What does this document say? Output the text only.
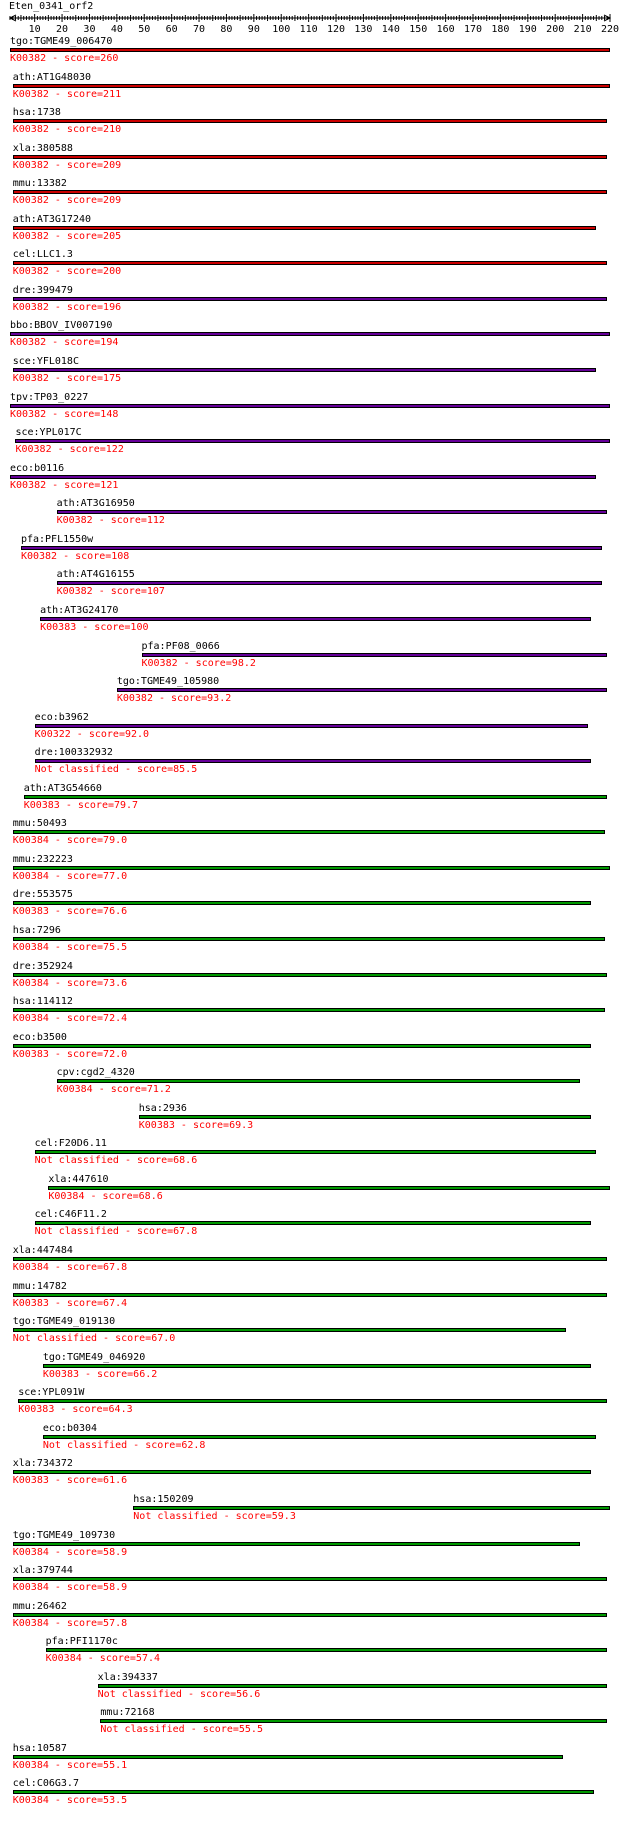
Eten_0341_orf2
10 20 30 40 50 60 70 80 90 100 110 120 130 140 150 160 170 180 190 200 210 220
tgo:TGME49_006470
K00382 - score=260
ath:AT1G48030
K00382 - score=211
hsa:1738
K00382 - score=210
xla:380588
K00382 - score=209
mmu:13382
K00382 - score=209
ath:AT3G17240
K00382 - score=205
cel:LLC1.3
K00382 - score=200
dre:399479
K00382 - score=196
bbo:BBOV_IV007190
K00382 - score=194
sce:YFL018C
K00382 - score=175
tpv:TP03_0227
K00382 - score=148
sce:YPL017C
K00382 - score=122
eco:b0116
K00382 - score=121
ath:AT3G16950
K00382 - score=112
pfa:PFL1550w
K00382 - score=108
ath:AT4G16155
K00382 - score=107
ath:AT3G24170
K00383 - score=100
pfa:PF08_0066
K00382 - score=98.2
tgo:TGME49_105980
K00382 - score=93.2
eco:b3962
K00322 - score=92.0
dre:100332932
Not classified - score=85.5
ath:AT3G54660
K00383 - score=79.7
mmu:50493
K00384 - score=79.0
mmu:232223
K00384 - score=77.0
dre:553575
K00383 - score=76.6
hsa:7296
K00384 - score=75.5
dre:352924
K00384 - score=73.6
hsa:114112
K00384 - score=72.4
eco:b3500
K00383 - score=72.0
cpv:cgd2_4320
K00384 - score=71.2
hsa:2936
K00383 - score=69.3
cel:F20D6.11
Not classified - score=68.6
xla:447610
K00384 - score=68.6
cel:C46F11.2
Not classified - score=67.8
xla:447484
K00384 - score=67.8
mmu:14782
K00383 - score=67.4
tgo:TGME49_019130
Not classified - score=67.0
tgo:TGME49_046920
K00383 - score=66.2
sce:YPL091W
K00383 - score=64.3
eco:b0304
Not classified - score=62.8
xla:734372
K00383 - score=61.6
hsa:150209
Not classified - score=59.3
tgo:TGME49_109730
K00384 - score=58.9
xla:379744
K00384 - score=58.9
mmu:26462
K00384 - score=57.8
pfa:PFI1170c
K00384 - score=57.4
xla:394337
Not classified - score=56.6
mmu:72168
Not classified - score=55.5
hsa:10587
K00384 - score=55.1
cel:C06G3.7
K00384 - score=53.5
